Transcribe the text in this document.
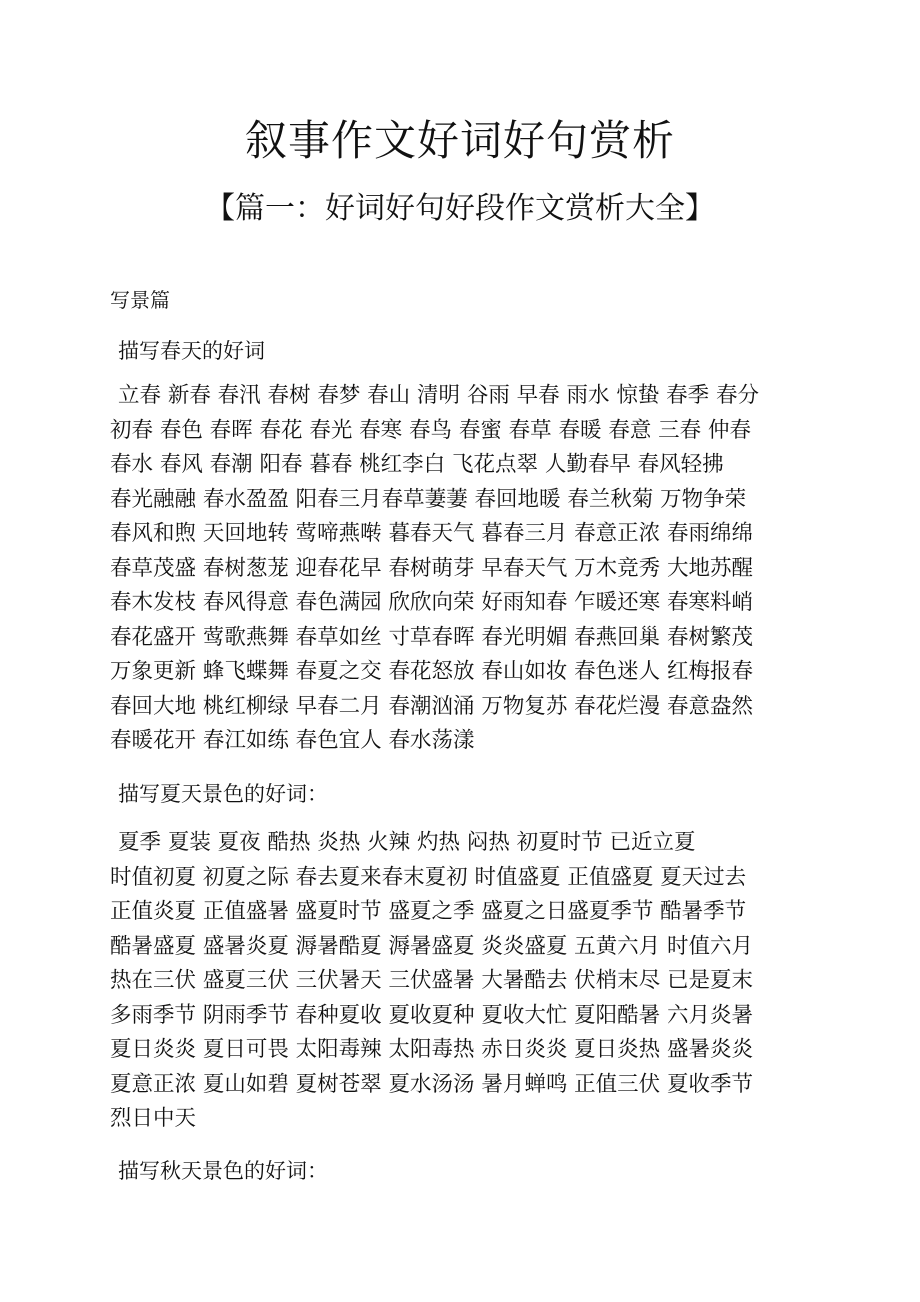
叙事作文好词好句赏析
【篇一：好词好句好段作文赏析大全】
写景篇
描写春天的好词
立春 新春 春汛 春树 春梦 春山 清明 谷雨 早春 雨水 惊蛰 春季 春分
初春 春色 春晖 春花 春光 春寒 春鸟 春蜜 春草 春暖 春意 三春 仲春
春水 春风 春潮 阳春 暮春 桃红李白 飞花点翠 人勤春早 春风轻拂
春光融融 春水盈盈 阳春三月春草萋萋 春回地暖 春兰秋菊 万物争荣
春风和煦 天回地转 莺啼燕啭 暮春天气 暮春三月 春意正浓 春雨绵绵
春草茂盛 春树葱茏 迎春花早 春树萌芽 早春天气 万木竞秀 大地苏醒
春木发枝 春风得意 春色满园 欣欣向荣 好雨知春 乍暖还寒 春寒料峭
春花盛开 莺歌燕舞 春草如丝 寸草春晖 春光明媚 春燕回巢 春树繁茂
万象更新 蜂飞蝶舞 春夏之交 春花怒放 春山如妆 春色迷人 红梅报春
春回大地 桃红柳绿 早春二月 春潮汹涌 万物复苏 春花烂漫 春意盎然
春暖花开 春江如练 春色宜人 春水荡漾
描写夏天景色的好词：
夏季 夏装 夏夜 酷热 炎热 火辣 灼热 闷热 初夏时节 已近立夏
时值初夏 初夏之际 春去夏来春末夏初 时值盛夏 正值盛夏 夏天过去
正值炎夏 正值盛暑 盛夏时节 盛夏之季 盛夏之日盛夏季节 酷暑季节
酷暑盛夏 盛暑炎夏 溽暑酷夏 溽暑盛夏 炎炎盛夏 五黄六月 时值六月
热在三伏 盛夏三伏 三伏暑天 三伏盛暑 大暑酷去 伏梢末尽 已是夏末
多雨季节 阴雨季节 春种夏收 夏收夏种 夏收大忙 夏阳酷暑 六月炎暑
夏日炎炎 夏日可畏 太阳毒辣 太阳毒热 赤日炎炎 夏日炎热 盛暑炎炎
夏意正浓 夏山如碧 夏树苍翠 夏水汤汤 暑月蝉鸣 正值三伏 夏收季节
烈日中天
描写秋天景色的好词：
